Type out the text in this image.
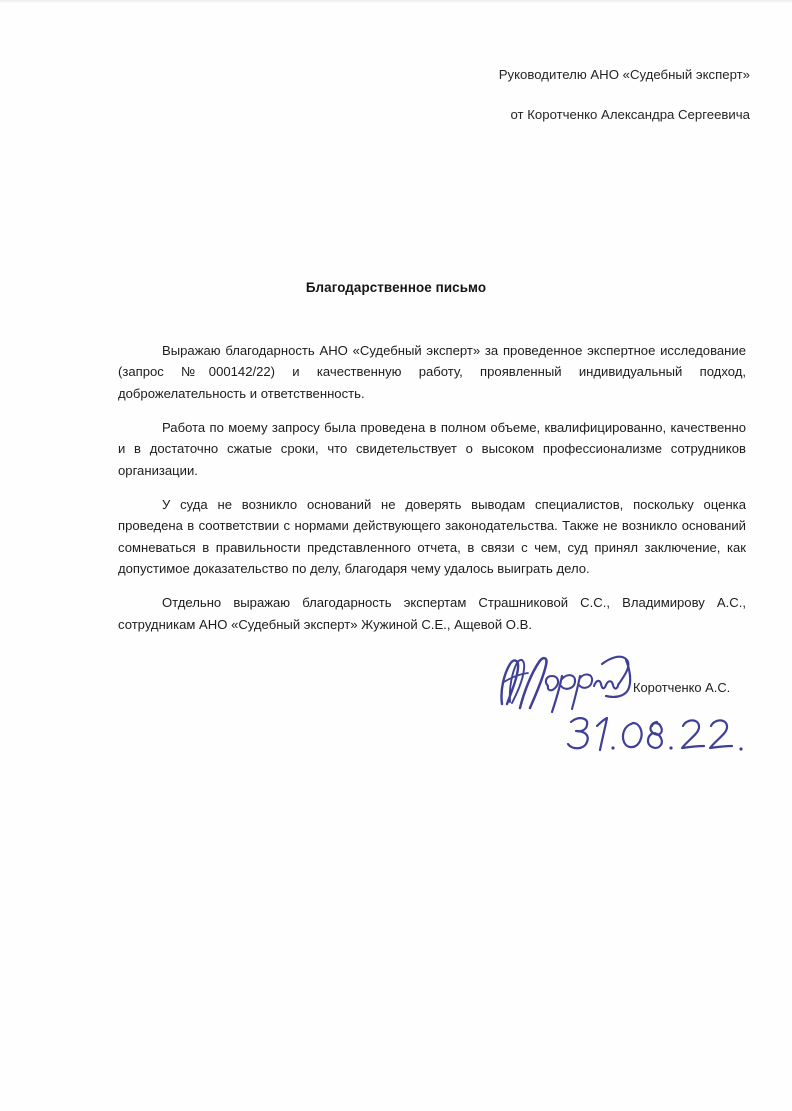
Руководителю АНО «Судебный эксперт»
от Коротченко Александра Сергеевича
Благодарственное письмо

Выражаю благодарность АНО «Судебный эксперт» за проведенное экспертное исследование (запрос №000142/22) и качественную работу, проявленный индивидуальный подход, доброжелательность и ответственность.

Работа по моему запросу была проведена в полном объеме, квалифицированно, качественно и в достаточно сжатые сроки, что свидетельствует о высоком профессионализме сотрудников организации.

У суда не возникло оснований не доверять выводам специалистов, поскольку оценка проведена в соответствии с нормами действующего законодательства. Также не возникло оснований сомневаться в правильности представленного отчета, в связи с чем, суд принял заключение, как допустимое доказательство по делу, благодаря чему удалось выиграть дело.

Отдельно выражаю благодарность экспертам Страшниковой С.С., Владимирову А.С., сотрудникам АНО «Судебный эксперт» Жужиной С.Е., Ащевой О.В.

Коротченко А.С.
